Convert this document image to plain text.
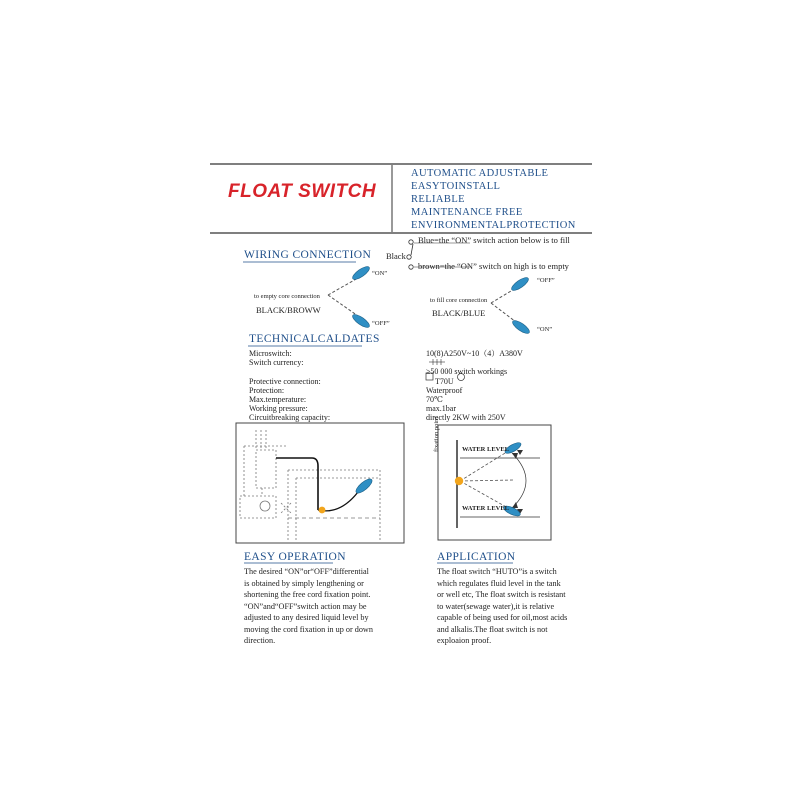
FLOAT SWITCH
AUTOMATIC ADJUSTABLE
EASYTOINSTALL
RELIABLE
MAINTENANCE FREE
ENVIRONMENTALPROTECTION
WIRING CONNECTION
Blue=the “ON” switch action below is to fill
Black
brown=the “ON” switch on high is to empty
“ON”
“OFF”
to empty core connection
BLACK/BROWW
“OFF”
“ON”
to fill core connection
BLACK/BLUE
TECHNICALCALDATES
Microswitch:
Switch currency:
Protective connection:
Protection:
Max.temperature:
Working pressure:
Circuitbreaking capacity:
10(8)A250V~10（4）A380V
≥50 000 switch workings
T70U
Waterproof
70℃
max.1bar
directly 2KW with 250V
WATER LEVEL
WATER LEVEL
fixation point
EASY OPERATION
The desired “ON”or“OFF”differential
is obtained by simply lengthening or
shortening the free cord fixation point.
“ON”and“OFF”switch action may be
adjusted to any desired liquid level by
moving the cord fixation in up or down
direction.
APPLICATION
The float switch “HUTO”is a switch
which regulates fluid level in the tank
or well etc, The float switch is resistant
to water(sewage water),it is relative
capable of being used for oil,most acids
and alkalis.The float switch is not
exploaion proof.
